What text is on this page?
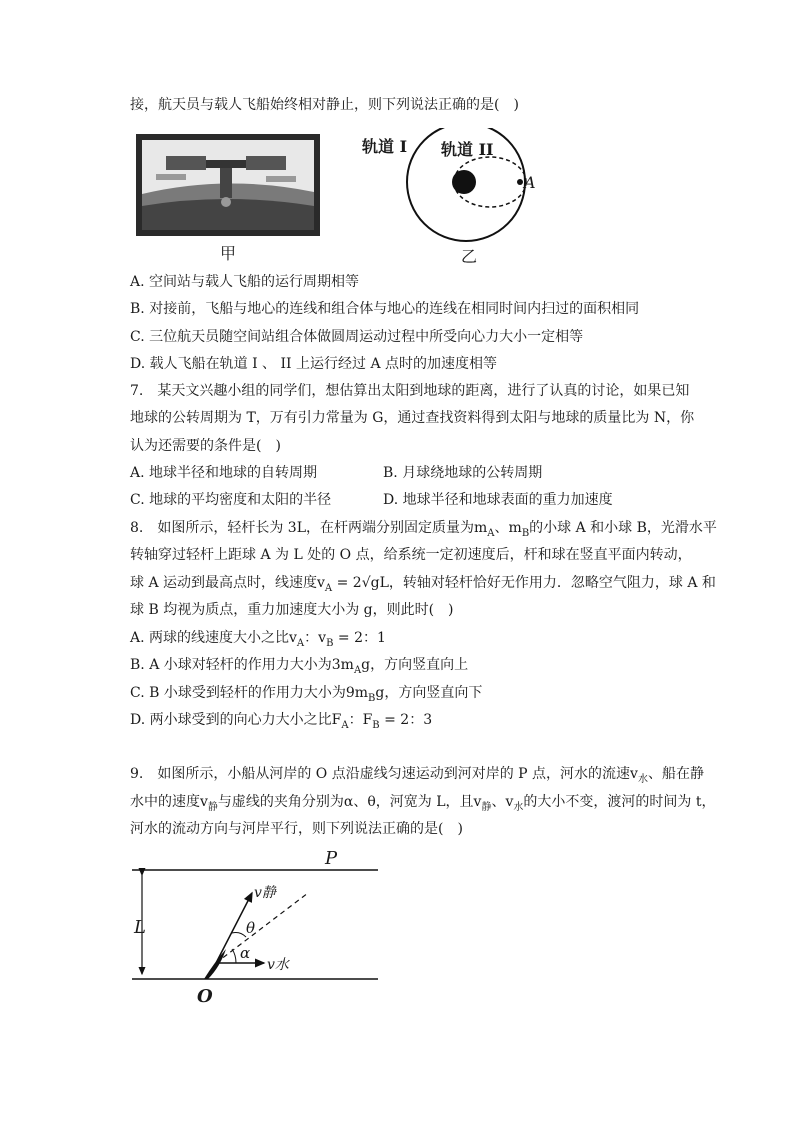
接，航天员与载人飞船始终相对静止，则下列说法正确的是(　)
甲
轨道 I 轨道 II
A
乙
A. 空间站与载人飞船的运行周期相等
B. 对接前，飞船与地心的连线和组合体与地心的连线在相同时间内扫过的面积相同
C. 三位航天员随空间站组合体做圆周运动过程中所受向心力大小一定相等
D. 载人飞船在轨道 I 、 II 上运行经过 A 点时的加速度相等
7.　某天文兴趣小组的同学们，想估算出太阳到地球的距离，进行了认真的讨论，如果已知
地球的公转周期为 T，万有引力常量为 G，通过查找资料得到太阳与地球的质量比为 N，你
认为还需要的条件是(　)
A. 地球半径和地球的自转周期	B. 月球绕地球的公转周期
C. 地球的平均密度和太阳的半径	D. 地球半径和地球表面的重力加速度
8.　如图所示，轻杆长为 3L，在杆两端分别固定质量为$m_A$、$m_B$的小球 A 和小球 B，光滑水平
转轴穿过轻杆上距球 A 为 L 处的 O 点，给系统一定初速度后，杆和球在竖直平面内转动，
球 A 运动到最高点时，线速度$v_A = 2√gL$，转轴对轻杆恰好无作用力．忽略空气阻力，球 A 和
球 B 均视为质点，重力加速度大小为 g，则此时(　)
A. 两球的线速度大小之比$v_A$：$v_B = 2$：1
B. A 小球对轻杆的作用力大小为$3m_Ag$，方向竖直向上
C. B 小球受到轻杆的作用力大小为$9m_Bg$，方向竖直向下
D. 两小球受到的向心力大小之比$F_A$：$F_B = 2$：3
9.　如图所示，小船从河岸的 O 点沿虚线匀速运动到河对岸的 P 点，河水的流速$v_水$、船在静
水中的速度$v_静$与虚线的夹角分别为α、θ，河宽为 L，且$v_静$、$v_水$的大小不变，渡河的时间为 t，
河水的流动方向与河岸平行，则下列说法正确的是(　)
P
O
L
v静
θ
α
v水
